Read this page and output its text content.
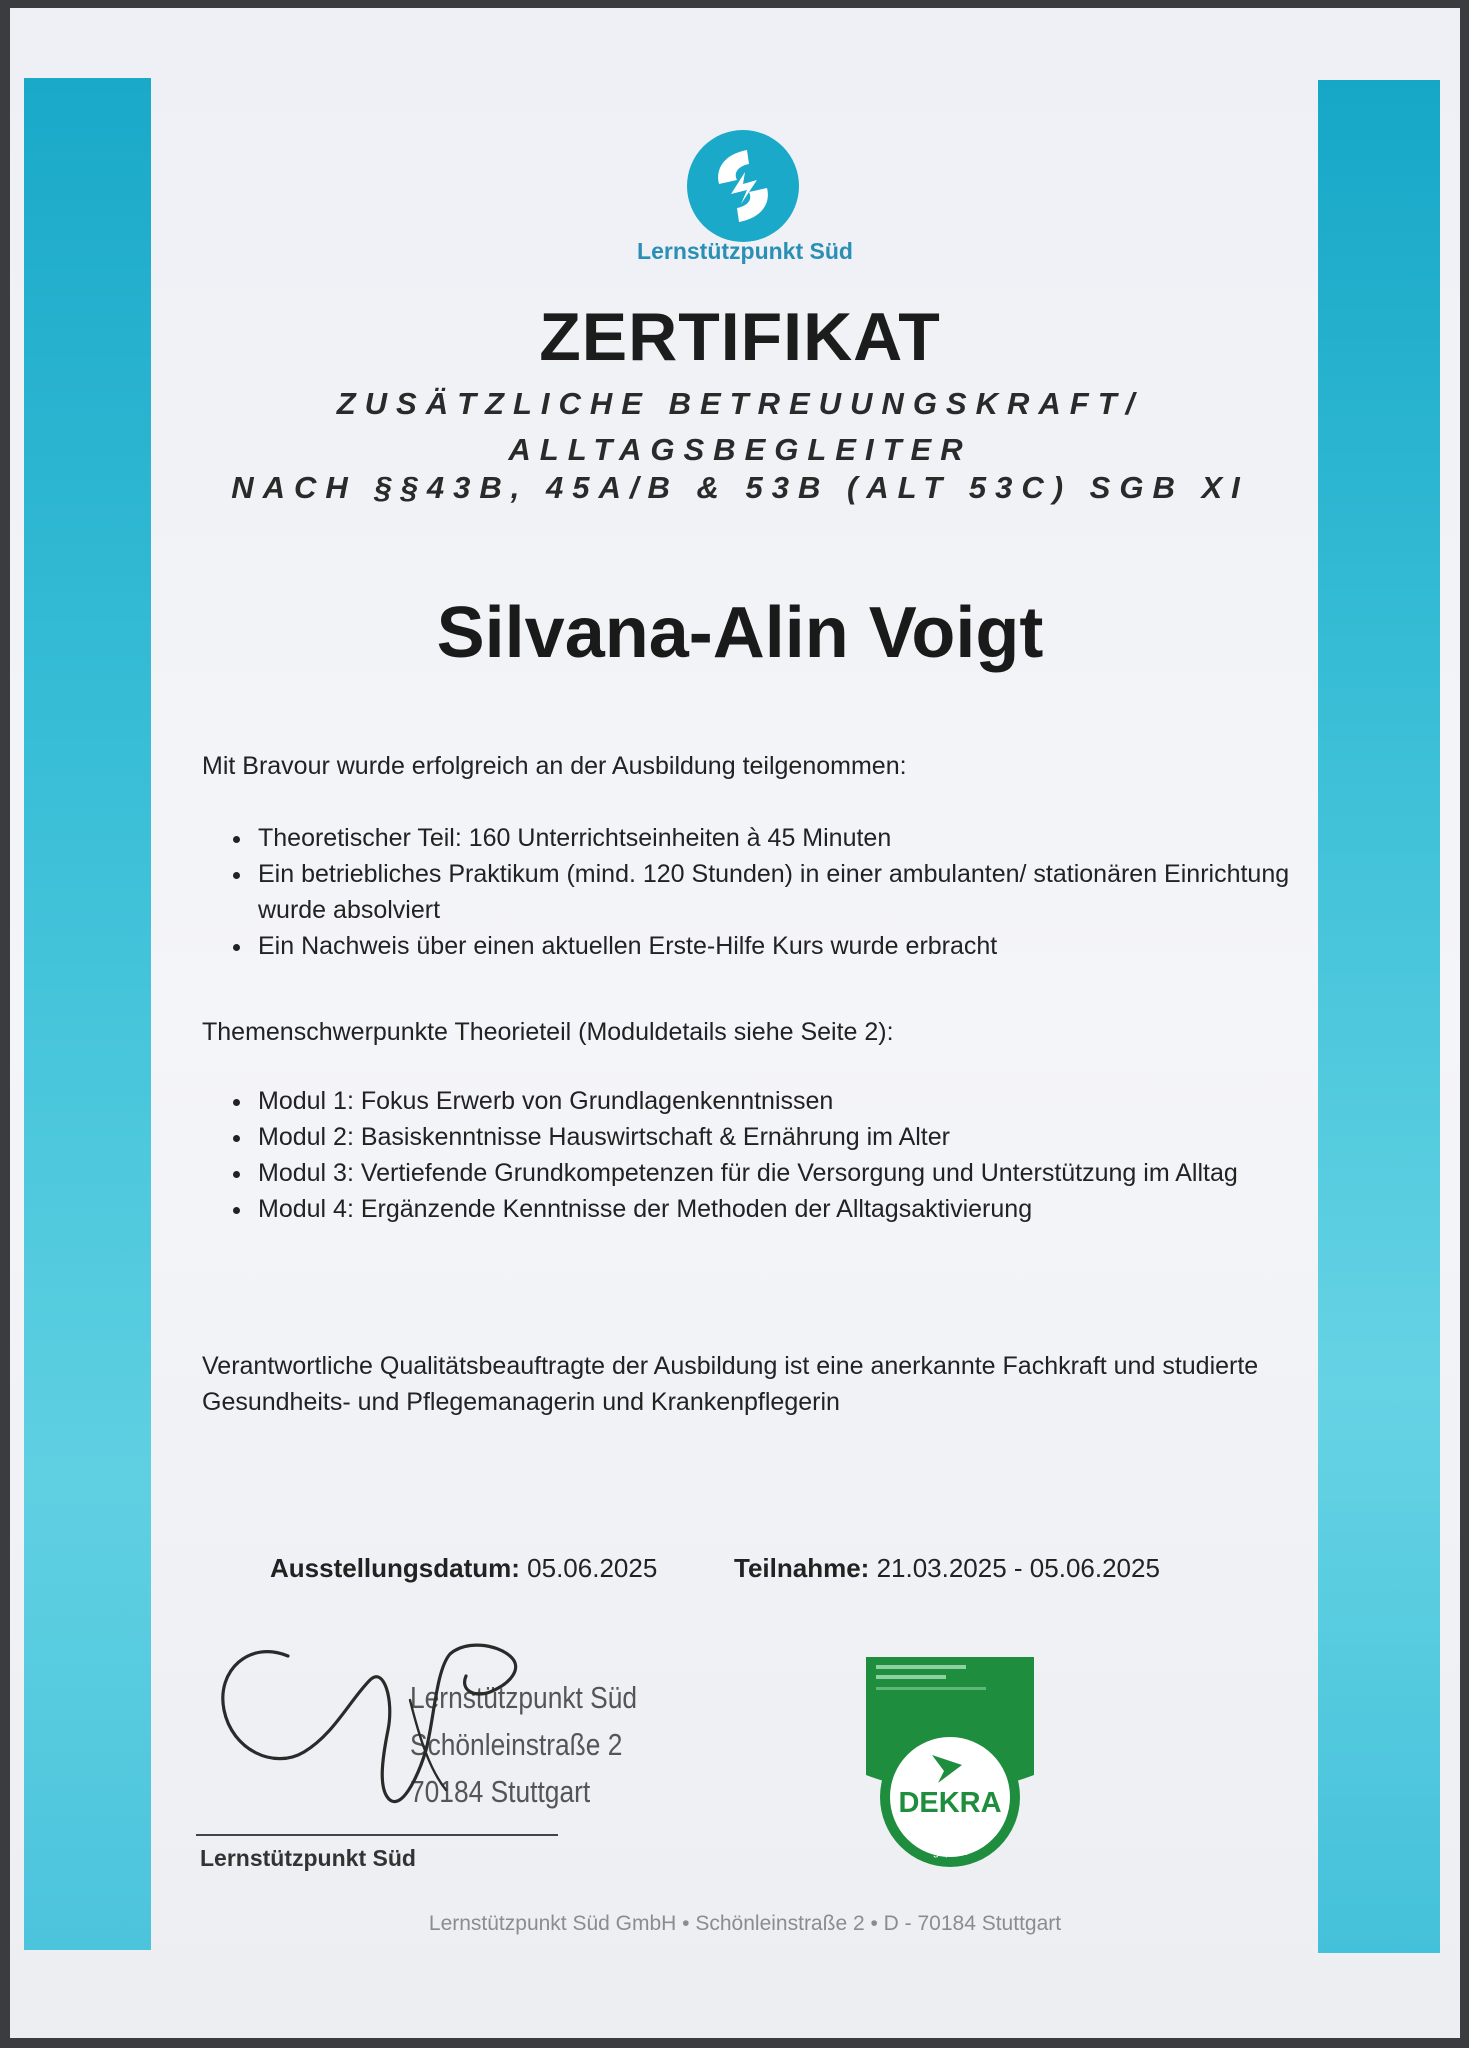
Lernstützpunkt Süd
ZERTIFIKAT
ZUSÄTZLICHE BETREUUNGSKRAFT/
ALLTAGSBEGLEITER
NACH §§43B, 45A/B & 53B (ALT 53C) SGB XI
Silvana-Alin Voigt
Mit Bravour wurde erfolgreich an der Ausbildung teilgenommen:
• Theoretischer Teil: 160 Unterrichtseinheiten à 45 Minuten
• Ein betriebliches Praktikum (mind. 120 Stunden) in einer ambulanten/ stationären Einrichtung wurde absolviert
• Ein Nachweis über einen aktuellen Erste-Hilfe Kurs wurde erbracht
Themenschwerpunkte Theorieteil (Moduldetails siehe Seite 2):
• Modul 1: Fokus Erwerb von Grundlagenkenntnissen
• Modul 2: Basiskenntnisse Hauswirtschaft & Ernährung im Alter
• Modul 3: Vertiefende Grundkompetenzen für die Versorgung und Unterstützung im Alltag
• Modul 4: Ergänzende Kenntnisse der Methoden der Alltagsaktivierung
Verantwortliche Qualitätsbeauftragte der Ausbildung ist eine anerkannte Fachkraft und studierte Gesundheits- und Pflegemanagerin und Krankenpflegerin
Ausstellungsdatum: 05.06.2025	Teilnahme: 21.03.2025 - 05.06.2025
Lernstützpunkt Süd
Schönleinstraße 2
70184 Stuttgart
Lernstützpunkt Süd
DEKRA
geprüft
Lernstützpunkt Süd GmbH • Schönleinstraße 2 • D - 70184 Stuttgart
